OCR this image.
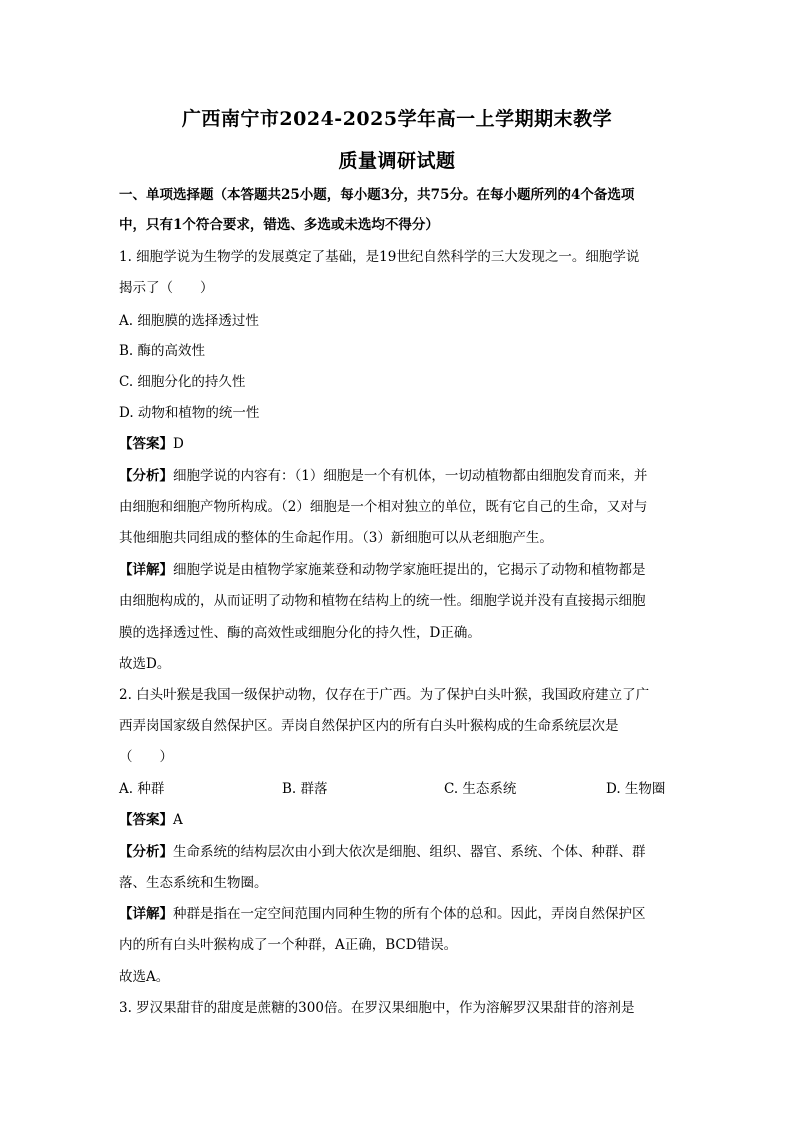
广西南宁市2024-2025学年高一上学期期末教学
质量调研试题
一、单项选择题（本答题共25小题，每小题3分，共75分。在每小题所列的4个备选项
中，只有1个符合要求，错选、多选或未选均不得分）
1. 细胞学说为生物学的发展奠定了基础，是19世纪自然科学的三大发现之一。细胞学说
揭示了（　　）
A. 细胞膜的选择透过性
B. 酶的高效性
C. 细胞分化的持久性
D. 动物和植物的统一性
【答案】D
【分析】细胞学说的内容有：（1）细胞是一个有机体，一切动植物都由细胞发育而来，并
由细胞和细胞产物所构成。（2）细胞是一个相对独立的单位，既有它自己的生命，又对与
其他细胞共同组成的整体的生命起作用。（3）新细胞可以从老细胞产生。
【详解】细胞学说是由植物学家施莱登和动物学家施旺提出的，它揭示了动物和植物都是
由细胞构成的，从而证明了动物和植物在结构上的统一性。细胞学说并没有直接揭示细胞
膜的选择透过性、酶的高效性或细胞分化的持久性，D正确。
故选D。
2. 白头叶猴是我国一级保护动物，仅存在于广西。为了保护白头叶猴，我国政府建立了广
西弄岗国家级自然保护区。弄岗自然保护区内的所有白头叶猴构成的生命系统层次是
（　　）
A. 种群	B. 群落	C. 生态系统	D. 生物圈
【答案】A
【分析】生命系统的结构层次由小到大依次是细胞、组织、器官、系统、个体、种群、群
落、生态系统和生物圈。
【详解】种群是指在一定空间范围内同种生物的所有个体的总和。因此，弄岗自然保护区
内的所有白头叶猴构成了一个种群，A正确，BCD错误。
故选A。
3. 罗汉果甜苷的甜度是蔗糖的300倍。在罗汉果细胞中，作为溶解罗汉果甜苷的溶剂是
